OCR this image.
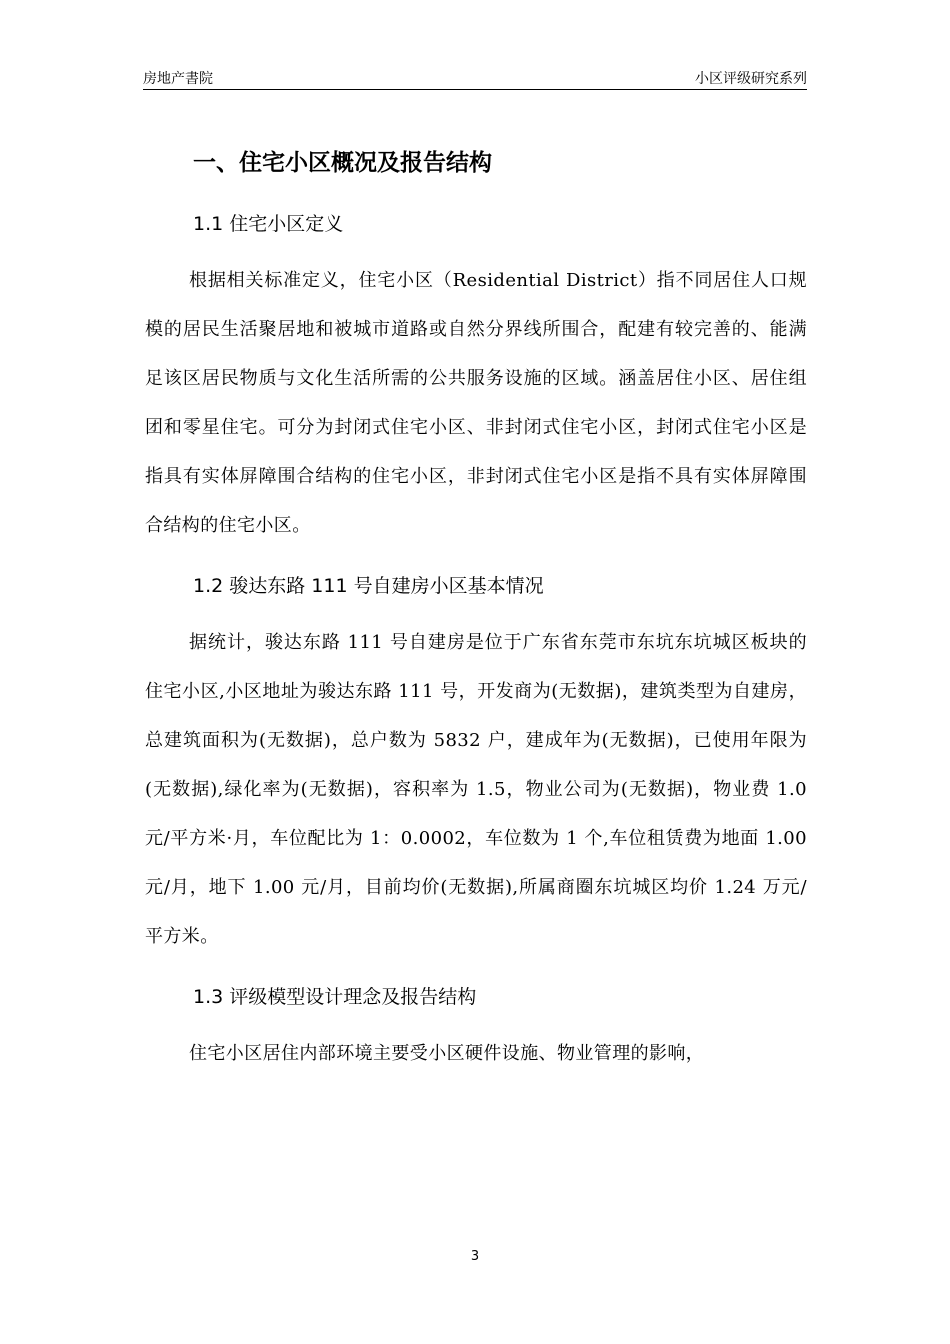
房地产書院	小区评级研究系列
一、住宅小区概况及报告结构
1.1 住宅小区定义

根据相关标准定义，住宅小区（Residential District）指不同居住人口规模的居民生活聚居地和被城市道路或自然分界线所围合，配建有较完善的、能满足该区居民物质与文化生活所需的公共服务设施的区域。涵盖居住小区、居住组团和零星住宅。可分为封闭式住宅小区、非封闭式住宅小区，封闭式住宅小区是指具有实体屏障围合结构的住宅小区，非封闭式住宅小区是指不具有实体屏障围合结构的住宅小区。

1.2 骏达东路 111 号自建房小区基本情况

据统计，骏达东路 111 号自建房是位于广东省东莞市东坑东坑城区板块的住宅小区,小区地址为骏达东路 111 号，开发商为(无数据)，建筑类型为自建房，总建筑面积为(无数据)，总户数为 5832 户，建成年为(无数据)，已使用年限为(无数据),绿化率为(无数据)，容积率为 1.5，物业公司为(无数据)，物业费 1.0 元/平方米·月，车位配比为 1：0.0002，车位数为 1 个,车位租赁费为地面 1.00 元/月，地下 1.00 元/月，目前均价(无数据),所属商圈东坑城区均价 1.24 万元/平方米。

1.3 评级模型设计理念及报告结构

住宅小区居住内部环境主要受小区硬件设施、物业管理的影响，

3
